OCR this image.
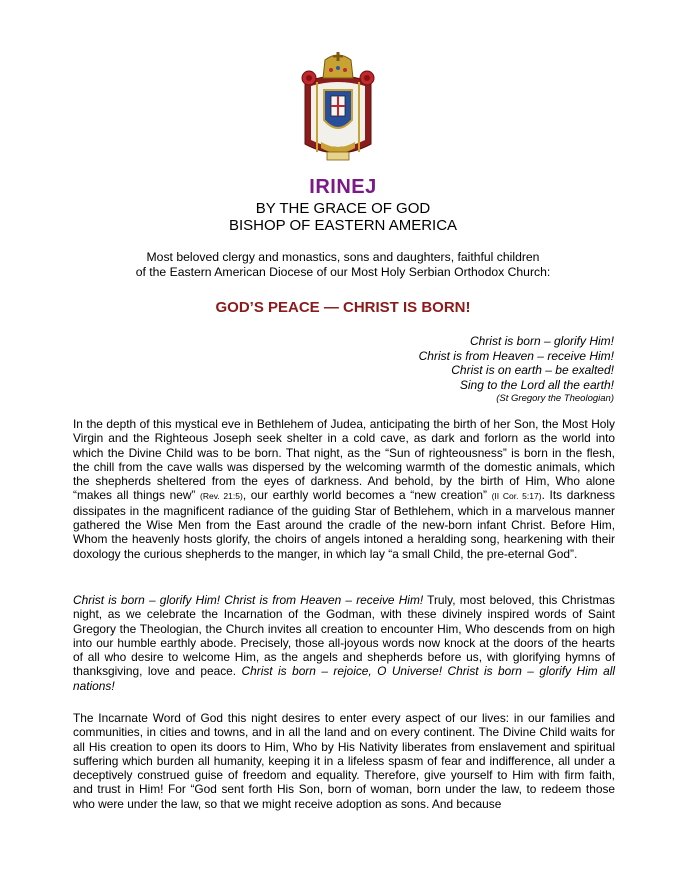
IRINEJ
BY THE GRACE OF GOD
BISHOP OF EASTERN AMERICA
Most beloved clergy and monastics, sons and daughters, faithful children
of the Eastern American Diocese of our Most Holy Serbian Orthodox Church:
GOD’S PEACE — CHRIST IS BORN!
Christ is born – glorify Him!
Christ is from Heaven – receive Him!
Christ is on earth – be exalted!
Sing to the Lord all the earth!
(St Gregory the Theologian)

In the depth of this mystical eve in Bethlehem of Judea, anticipating the birth of her Son, the Most Holy Virgin and the Righteous Joseph seek shelter in a cold cave, as dark and forlorn as the world into which the Divine Child was to be born. That night, as the “Sun of righteousness” is born in the flesh, the chill from the cave walls was dispersed by the welcoming warmth of the domestic animals, which the shepherds sheltered from the eyes of darkness. And behold, by the birth of Him, Who alone “makes all things new” (Rev. 21:5), our earthly world becomes a “new creation” (II Cor. 5:17). Its darkness dissipates in the magnificent radiance of the guiding Star of Bethlehem, which in a marvelous manner gathered the Wise Men from the East around the cradle of the new-born infant Christ. Before Him, Whom the heavenly hosts glorify, the choirs of angels intoned a heralding song, hearkening with their doxology the curious shepherds to the manger, in which lay “a small Child, the pre-eternal God”.

Christ is born – glorify Him! Christ is from Heaven – receive Him! Truly, most beloved, this Christmas night, as we celebrate the Incarnation of the Godman, with these divinely inspired words of Saint Gregory the Theologian, the Church invites all creation to encounter Him, Who descends from on high into our humble earthly abode. Precisely, those all-joyous words now knock at the doors of the hearts of all who desire to welcome Him, as the angels and shepherds before us, with glorifying hymns of thanksgiving, love and peace. Christ is born – rejoice, O Universe! Christ is born – glorify Him all nations!

The Incarnate Word of God this night desires to enter every aspect of our lives: in our families and communities, in cities and towns, and in all the land and on every continent. The Divine Child waits for all His creation to open its doors to Him, Who by His Nativity liberates from enslavement and spiritual suffering which burden all humanity, keeping it in a lifeless spasm of fear and indifference, all under a deceptively construed guise of freedom and equality. Therefore, give yourself to Him with firm faith, and trust in Him! For “God sent forth His Son, born of woman, born under the law, to redeem those who were under the law, so that we might receive adoption as sons. And because
